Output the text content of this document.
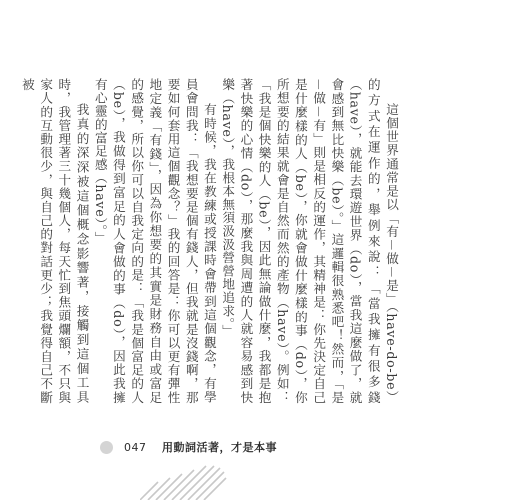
這個世界通常是以「有－做－是」（have-do-be）的方式在運作的，舉例來說：「當我擁有很多錢（have），就能去環遊世界（do），當我這麼做了，就會感到無比快樂（be）。」這邏輯很熟悉吧！然而，「是－做－有」則是相反的運作，其精神是：你先決定自己是什麼樣的人（be），你就會做什麼樣的事（do），你所想要的結果就會是自然而然的產物（have）。例如：「我是個快樂的人（be），因此無論做什麼，我都是抱著快樂的心情（do），那麼我與周遭的人就容易感到快樂（have），我根本無須汲汲營營地追求。」

有時候，我在教練或授課時會帶到這個觀念，有學員會問我：「我想要是個有錢人，但我就是沒錢啊，那要如何套用這個觀念？」我的回答是：你可以更有彈性地定義「有錢」，因為你想要的其實是財務自由或富足的感覺，所以你可以自我定向的是：「我是個富足的人（be），我做得到富足的人會做的事（do），因此我擁有心靈的富足感（have）。」

我真的深深被這個概念影響著，接觸到這個工具時，我管理著三十幾個人，每天忙到焦頭爛額，不只與家人的互動很少，與自己的對話更少；我覺得自己不斷被

047 用動詞活著，才是本事
